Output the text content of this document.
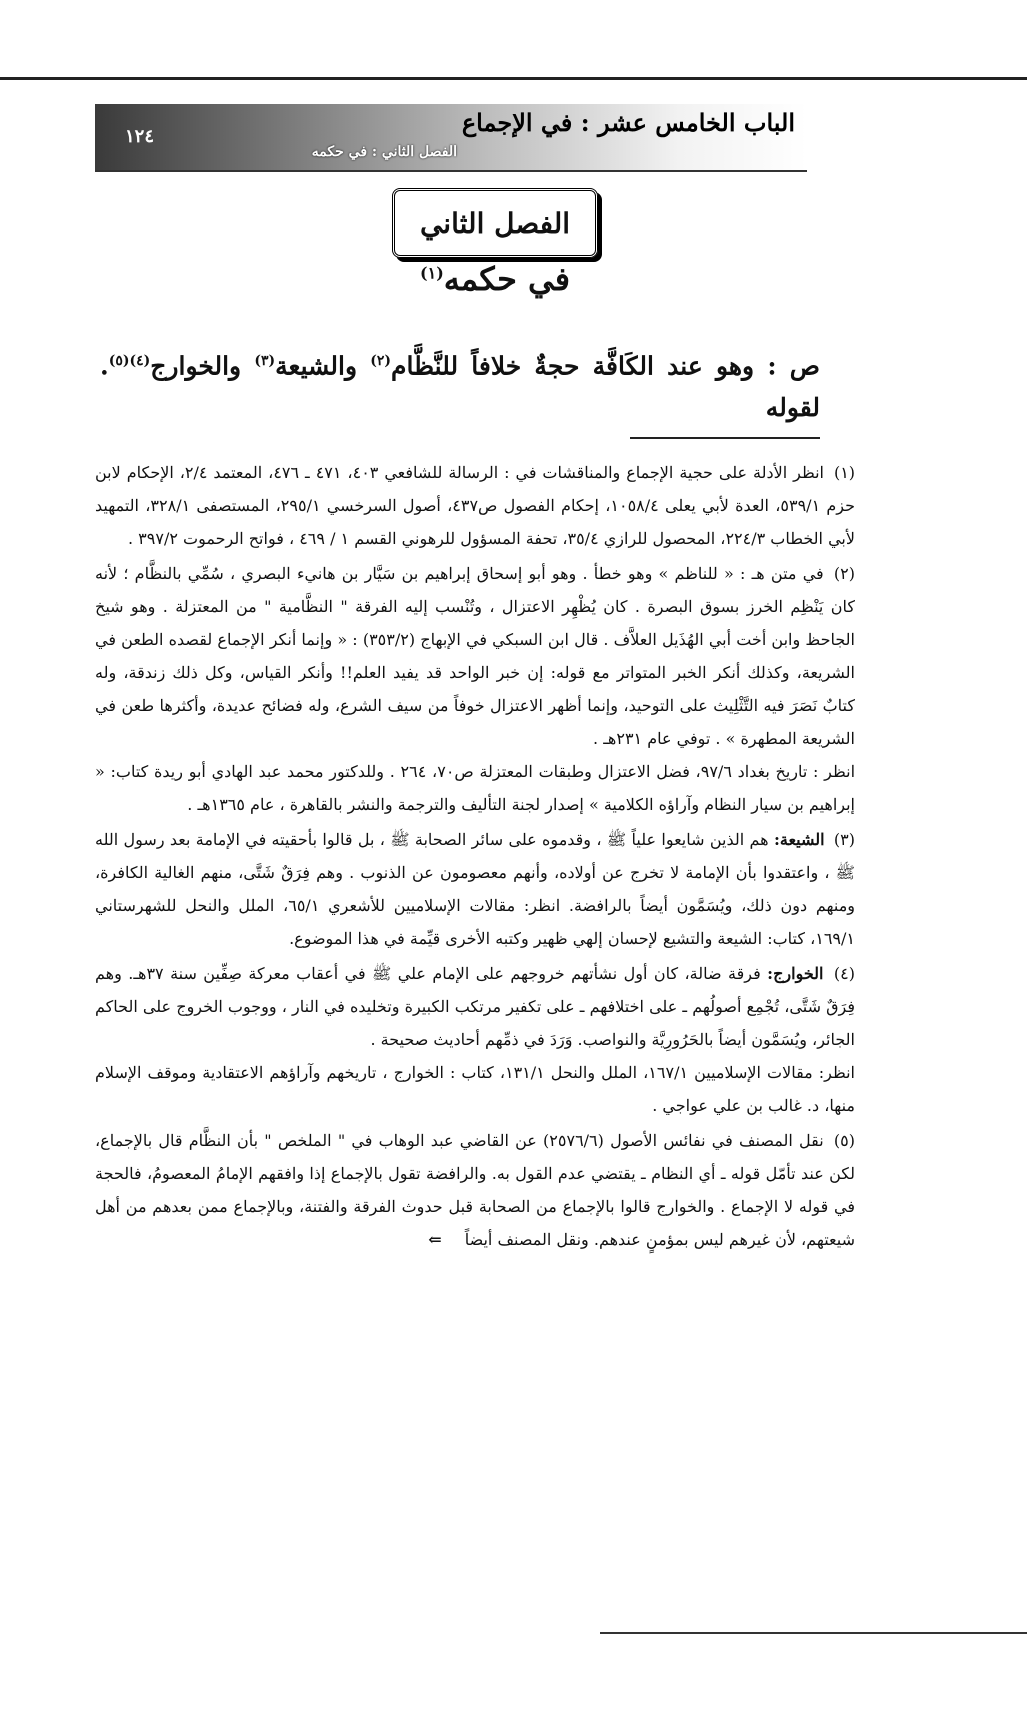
الباب الخامس عشر : في الإجماع
الفصل الثاني : في حكمه
١٢٤
الفصل الثاني
في حكمه$^{(١)}$
ص : وهو عند الكَافَّة حجةٌ خلافاً للنَّظَّام$^{(٢)}$ والشيعة$^{(٣)}$ والخوارج$^{(٤)(٥)}$. لقوله

(١) انظر الأدلة على حجية الإجماع والمناقشات في : الرسالة للشافعي ٤٠٣، ٤٧١ ـ ٤٧٦، المعتمد ٢/٤، الإحكام لابن حزم ٥٣٩/١، العدة لأبي يعلى ١٠٥٨/٤، إحكام الفصول ص٤٣٧، أصول السرخسي ٢٩٥/١، المستصفى ٣٢٨/١، التمهيد لأبي الخطاب ٢٢٤/٣، المحصول للرازي ٣٥/٤، تحفة المسؤول للرهوني القسم ١ / ٤٦٩ ، فواتح الرحموت ٣٩٧/٢ .

(٢) في متن هـ : « للناظم » وهو خطأ . وهو أبو إسحاق إبراهيم بن سَيَّار بن هانيء البصري ، سُمِّي بالنظَّام ؛ لأنه كان يَنْظِم الخرز بسوق البصرة . كان يُظْهِر الاعتزال ، وتُنْسب إليه الفرقة " النظَّامية " من المعتزلة . وهو شيخ الجاحظ وابن أخت أبي الهُذَيل العلاَّف . قال ابن السبكي في الإبهاج (٣٥٣/٢) : « وإنما أنكر الإجماع لقصده الطعن في الشريعة، وكذلك أنكر الخبر المتواتر مع قوله: إن خبر الواحد قد يفيد العلم!! وأنكر القياس، وكل ذلك زندقة، وله كتابٌ نَصَرَ فيه التَّثْلِيث على التوحيد، وإنما أظهر الاعتزال خوفاً من سيف الشرع، وله فضائح عديدة، وأكثرها طعن في الشريعة المطهرة » . توفي عام ٢٣١هـ .
انظر : تاريخ بغداد ٩٧/٦، فضل الاعتزال وطبقات المعتزلة ص٧٠، ٢٦٤ . وللدكتور محمد عبد الهادي أبو ريدة كتاب: « إبراهيم بن سيار النظام وآراؤه الكلامية » إصدار لجنة التأليف والترجمة والنشر بالقاهرة ، عام ١٣٦٥هـ .

(٣) الشيعة: هم الذين شايعوا علياً ﷺ ، وقدموه على سائر الصحابة ﷺ ، بل قالوا بأحقيته في الإمامة بعد رسول الله ﷺ ، واعتقدوا بأن الإمامة لا تخرج عن أولاده، وأنهم معصومون عن الذنوب . وهم فِرَقٌ شَتَّى، منهم الغالية الكافرة، ومنهم دون ذلك، ويُسَمَّون أيضاً بالرافضة. انظر: مقالات الإسلاميين للأشعري ٦٥/١، الملل والنحل للشهرستاني ١٦٩/١، كتاب: الشيعة والتشيع لإحسان إلهي ظهير وكتبه الأخرى قيِّمة في هذا الموضوع.

(٤) الخوارج: فرقة ضالة، كان أول نشأتهم خروجهم على الإمام علي ﷺ في أعقاب معركة صِفِّين سنة ٣٧هـ. وهم فِرَقٌ شَتَّى، تُجْمِع أصولُهم ـ على اختلافهم ـ على تكفير مرتكب الكبيرة وتخليده في النار ، ووجوب الخروج على الحاكم الجائر، ويُسَمَّون أيضاً بالحَرُورِيَّة والنواصب. وَرَدَ في ذمِّهم أحاديث صحيحة .
انظر: مقالات الإسلاميين ١٦٧/١، الملل والنحل ١٣١/١، كتاب : الخوارج ، تاريخهم وآراؤهم الاعتقادية وموقف الإسلام منها، د. غالب بن علي عواجي .

(٥) نقل المصنف في نفائس الأصول (٢٥٧٦/٦) عن القاضي عبد الوهاب في " الملخص " بأن النظَّام قال بالإجماع، لكن عند تأمّل قوله ـ أي النظام ـ يقتضي عدم القول به. والرافضة تقول بالإجماع إذا وافقهم الإمامُ المعصومُ، فالحجة في قوله لا الإجماع . والخوارج قالوا بالإجماع من الصحابة قبل حدوث الفرقة والفتنة، وبالإجماع ممن بعدهم من أهل شيعتهم، لأن غيرهم ليس بمؤمنٍ عندهم. ونقل المصنف أيضاً ⇐
